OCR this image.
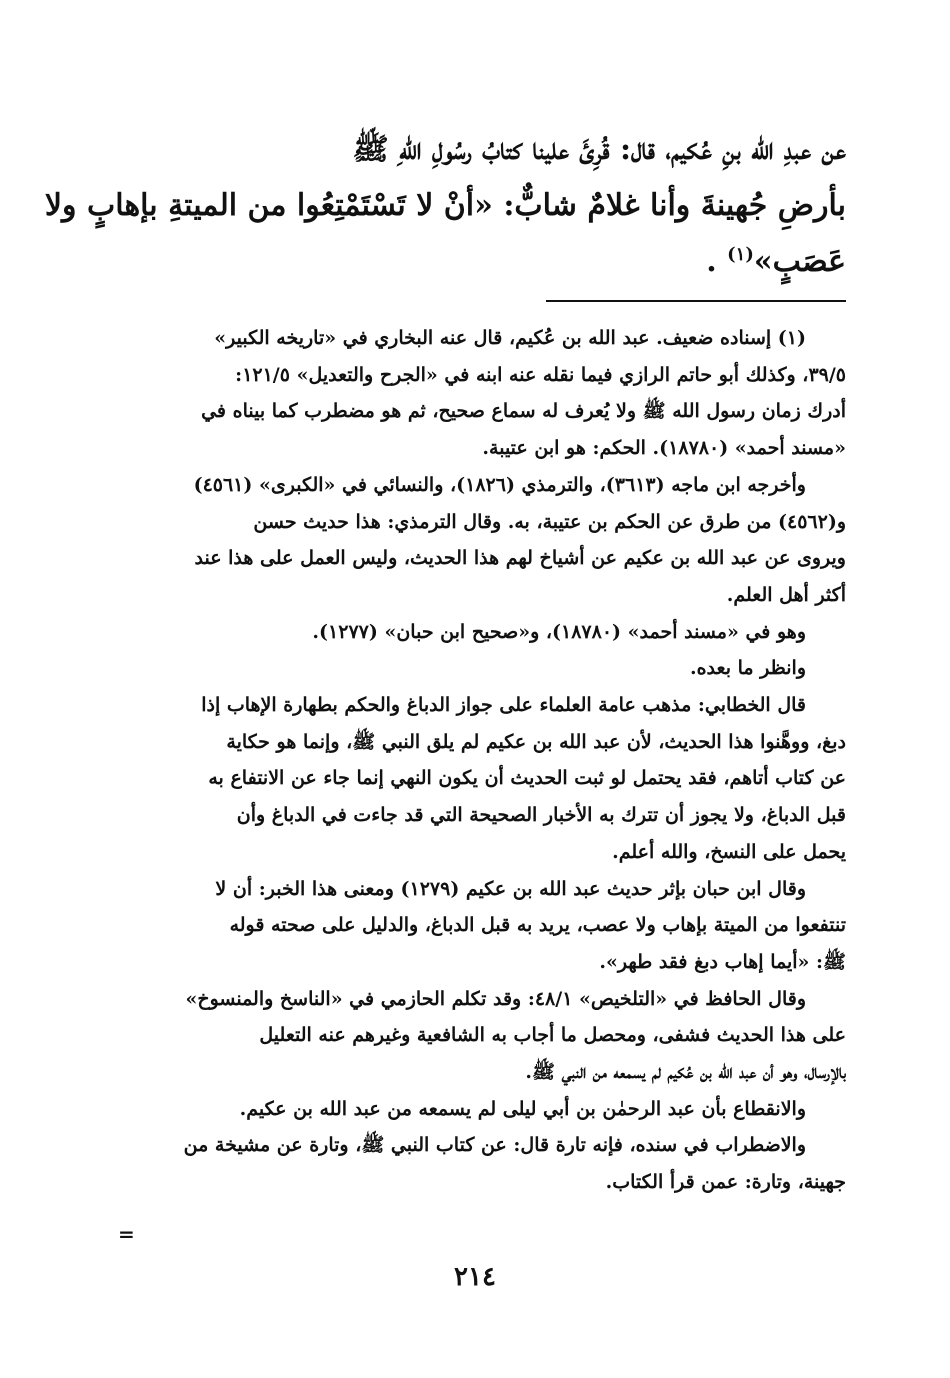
عن عبدِ الله بنِ عُكيم، قال: قُرِئَ علينا كتابُ رسُولِ اللهِ ﷺ
بأرضِ جُهينةَ وأنا غلامٌ شابٌّ: «أنْ لا تَسْتَمْتِعُوا من الميتةِ بإهابٍ ولا
عَصَبٍ»$^{(١)}$ .
(١) إسناده ضعيف. عبد الله بن عُكيم، قال عنه البخاري في «تاريخه الكبير»
٣٩/٥، وكذلك أبو حاتم الرازي فيما نقله عنه ابنه في «الجرح والتعديل» ١٢١/٥:
أدرك زمان رسول الله ﷺ ولا يُعرف له سماع صحيح، ثم هو مضطرب كما بيناه في
«مسند أحمد» (١٨٧٨٠). الحكم: هو ابن عتيبة.
وأخرجه ابن ماجه (٣٦١٣)، والترمذي (١٨٢٦)، والنسائي في «الكبرى» (٤٥٦١)
و(٤٥٦٢) من طرق عن الحكم بن عتيبة، به. وقال الترمذي: هذا حديث حسن
ويروى عن عبد الله بن عكيم عن أشياخ لهم هذا الحديث، وليس العمل على هذا عند
أكثر أهل العلم.
وهو في «مسند أحمد» (١٨٧٨٠)، و«صحيح ابن حبان» (١٢٧٧).
وانظر ما بعده.
قال الخطابي: مذهب عامة العلماء على جواز الدباغ والحكم بطهارة الإهاب إذا
دبغ، ووهَّنوا هذا الحديث، لأن عبد الله بن عكيم لم يلق النبي ﷺ، وإنما هو حكاية
عن كتاب أتاهم، فقد يحتمل لو ثبت الحديث أن يكون النهي إنما جاء عن الانتفاع به
قبل الدباغ، ولا يجوز أن تترك به الأخبار الصحيحة التي قد جاءت في الدباغ وأن
يحمل على النسخ، والله أعلم.
وقال ابن حبان بإثر حديث عبد الله بن عكيم (١٢٧٩) ومعنى هذا الخبر: أن لا
تنتفعوا من الميتة بإهاب ولا عصب، يريد به قبل الدباغ، والدليل على صحته قوله
ﷺ: «أيما إهاب دبغ فقد طهر».
وقال الحافظ في «التلخيص» ٤٨/١: وقد تكلم الحازمي في «الناسخ والمنسوخ»
على هذا الحديث فشفى، ومحصل ما أجاب به الشافعية وغيرهم عنه التعليل
بالإرسال، وهو أن عبد الله بن عُكيم لم يسمعه من النبي ﷺ.
والانقطاع بأن عبد الرحمٰن بن أبي ليلى لم يسمعه من عبد الله بن عكيم.
والاضطراب في سنده، فإنه تارة قال: عن كتاب النبي ﷺ، وتارة عن مشيخة من
جهينة، وتارة: عمن قرأ الكتاب.
=
٢١٤
